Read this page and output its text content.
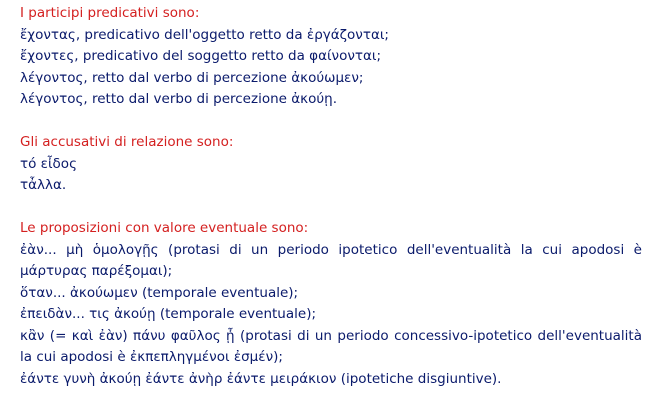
I participi predicativi sono:
ἔχοντας, predicativo dell'oggetto retto da ἐργάζονται;
ἔχοντες, predicativo del soggetto retto da φαίνονται;
λέγοντος, retto dal verbo di percezione ἀκούωμεν;
λέγοντος, retto dal verbo di percezione ἀκούῃ.
Gli accusativi di relazione sono:
τό εἶδος
τἆλλα.
Le proposizioni con valore eventuale sono:
ἐὰν... μὴ ὁμολογῇς (protasi di un periodo ipotetico dell'eventualità la cui apodosi è μάρτυρας παρέξομαι);
ὅταν... ἀκούωμεν (temporale eventuale);
ἐπειδὰν... τις ἀκούῃ (temporale eventuale);
κἂν (= καὶ ἐὰν) πάνυ φαῦλος ᾖ (protasi di un periodo concessivo-ipotetico dell'eventualità la cui apodosi è ἐκπεπληγμένοι ἐσμέν);
ἐάντε γυνὴ ἀκούῃ ἐάντε ἀνὴρ ἐάντε μειράκιον (ipotetiche disgiuntive).
